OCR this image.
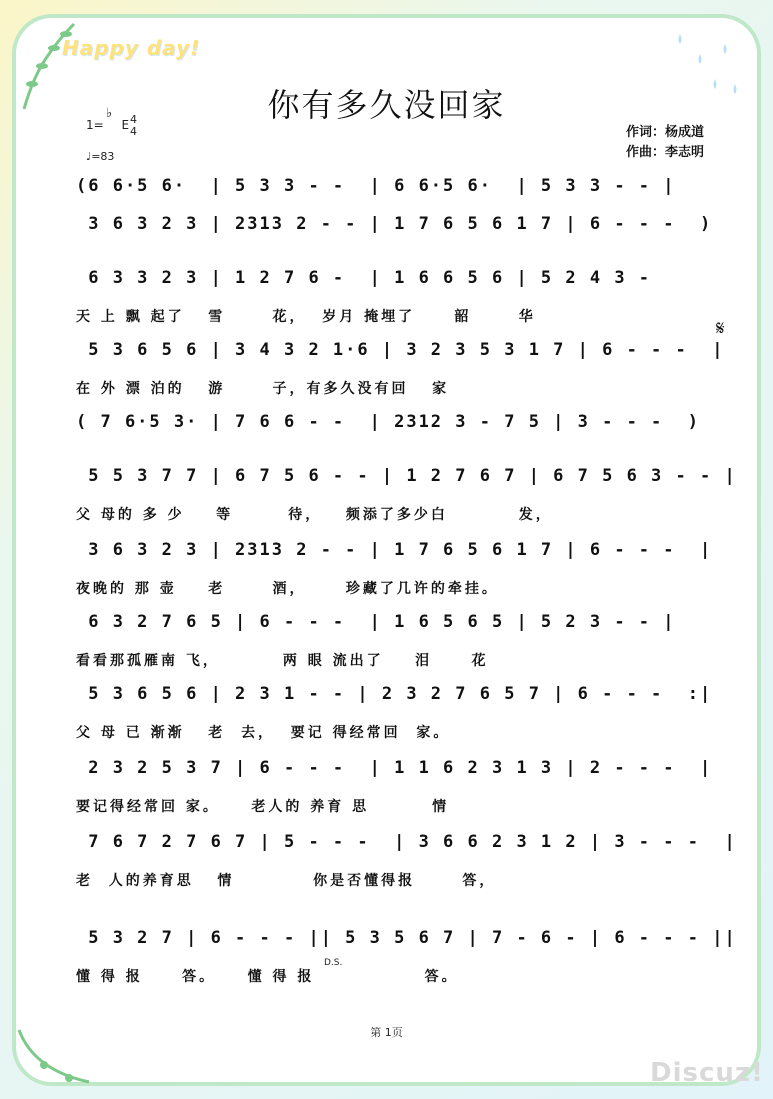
Happy day!
你有多久没回家
1=
♭
E 4
4
♩=83
作词：杨成道
作曲：李志明
(6 6·5 6·  | 5 3 3 - -  | 6 6·5 6·  | 5 3 3 - - |
3 6 3 2 3 | 2313 2 - - | 1 7 6 5 6 1 7 | 6 - - -  )
6 3 3 2 3 | 1 2 7 6 -  | 1 6 6 5 6 | 5 2 4 3 -
天 上 飘 起了   雪      花，  岁月 掩埋了     韶      华
5 3 6 5 6 | 3 4 3 2 1·6 | 3 2 3 5 3 1 7 | 6 - - -  |
在 外 漂 泊的   游      子，有多久没有回   家
( 7 6·5 3· | 7 6 6 - -  | 2312 3 - 7 5 | 3 - - -  )
5 5 3 7 7 | 6 7 5 6 - - | 1 2 7 6 7 | 6 7 5 6 3 - - |
父 母的 多 少    等       待，   频添了多少白         发，
3 6 3 2 3 | 2313 2 - - | 1 7 6 5 6 1 7 | 6 - - -  |
夜晚的 那 壶    老      酒，     珍藏了几许的牵挂。
6 3 2 7 6 5 | 6 - - -  | 1 6 5 6 5 | 5 2 3 - - |
看看那孤雁南 飞，        两 眼 流出了    泪     花
5 3 6 5 6 | 2 3 1 - - | 2 3 2 7 6 5 7 | 6 - - -  :|
父 母 已 渐渐   老  去，  要记 得经常回  家。
2 3 2 5 3 7 | 6 - - -  | 1 1 6 2 3 1 3 | 2 - - -  |
要记得经常回 家。    老人的 养育 思        情
7 6 7 2 7 6 7 | 5 - - -  | 3 6 6 2 3 1 2 | 3 - - -  |
老  人的养育思   情          你是否懂得报      答，
5 3 2 7 | 6 - - - || 5 3 5 6 7 | 7 - 6 - | 6 - - - ||
懂 得 报     答。    懂 得 报              答。
𝄋
D.S.
第 1页
Discuz!
